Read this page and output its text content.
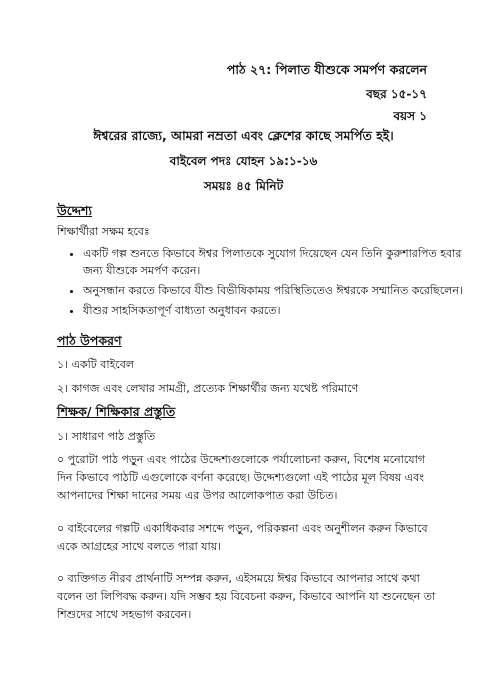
পাঠ ২৭: পিলাত যীশুকে সমর্পণ করলেন
বছর ১৫-১৭
বয়স ১
ঈশ্বরের রাজ্যে, আমরা নম্রতা এবং ক্লেশের কাছে সমর্পিত হই।
বাইবেল পদঃ যোহন ১৯:১-১৬
সময়ঃ ৪৫ মিনিট
উদ্দেশ্য
শিক্ষার্থীরা সক্ষম হবেঃ
• একটি গল্প শুনতে কিভাবে ঈশ্বর পিলাতকে সুযোগ দিয়েছেন যেন তিনি কুরুশারপিত হবার জন্য যীশুকে সমর্পণ করেন।
• অনুসন্ধান করতে কিভাবে যীশু বিভীষিকাময় পরিস্থিতিতেও ঈশ্বরকে সম্মানিত করেছিলেন।
• যীশুর সাহসিকতাপূর্ণ বাধ্যতা অনুধাবন করতে।
পাঠ উপকরণ
১। একটি বাইবেল
২। কাগজ এবং লেখার সামগ্রী, প্রত্যেক শিক্ষার্থীর জন্য যথেষ্ট পরিমাণে
শিক্ষক/ শিক্ষিকার প্রস্তুতি
১। সাধারণ পাঠ প্রস্তুতি
০ পুরোটা পাঠ পড়ুন এবং পাঠের উদ্দেশ্যগুলোকে পর্যালোচনা করুন, বিশেষ মনোযোগ দিন কিভাবে পাঠটি এগুলোকে বর্ণনা করেছে। উদ্দেশ্যগুলো এই পাঠের মূল বিষয় এবং আপনাদের শিক্ষা দানের সময় এর উপর আলোকপাত করা উচিত।
০ বাইবেলের গল্পটি একাধিকবার সশব্দে পড়ুন, পরিকল্পনা এবং অনুশীলন করুন কিভাবে একে আগ্রহের সাথে বলতে পারা যায়।
০ ব্যক্তিগত নীরব প্রার্থনাটি সম্পন্ন করুন, এইসময়ে ঈশ্বর কিভাবে আপনার সাথে কথা বলেন তা লিপিবদ্ধ করুন। যদি সম্ভব হয় বিবেচনা করুন, কিভাবে আপনি যা শুনেছেন তা শিশুদের সাথে সহভাগ করবেন।
